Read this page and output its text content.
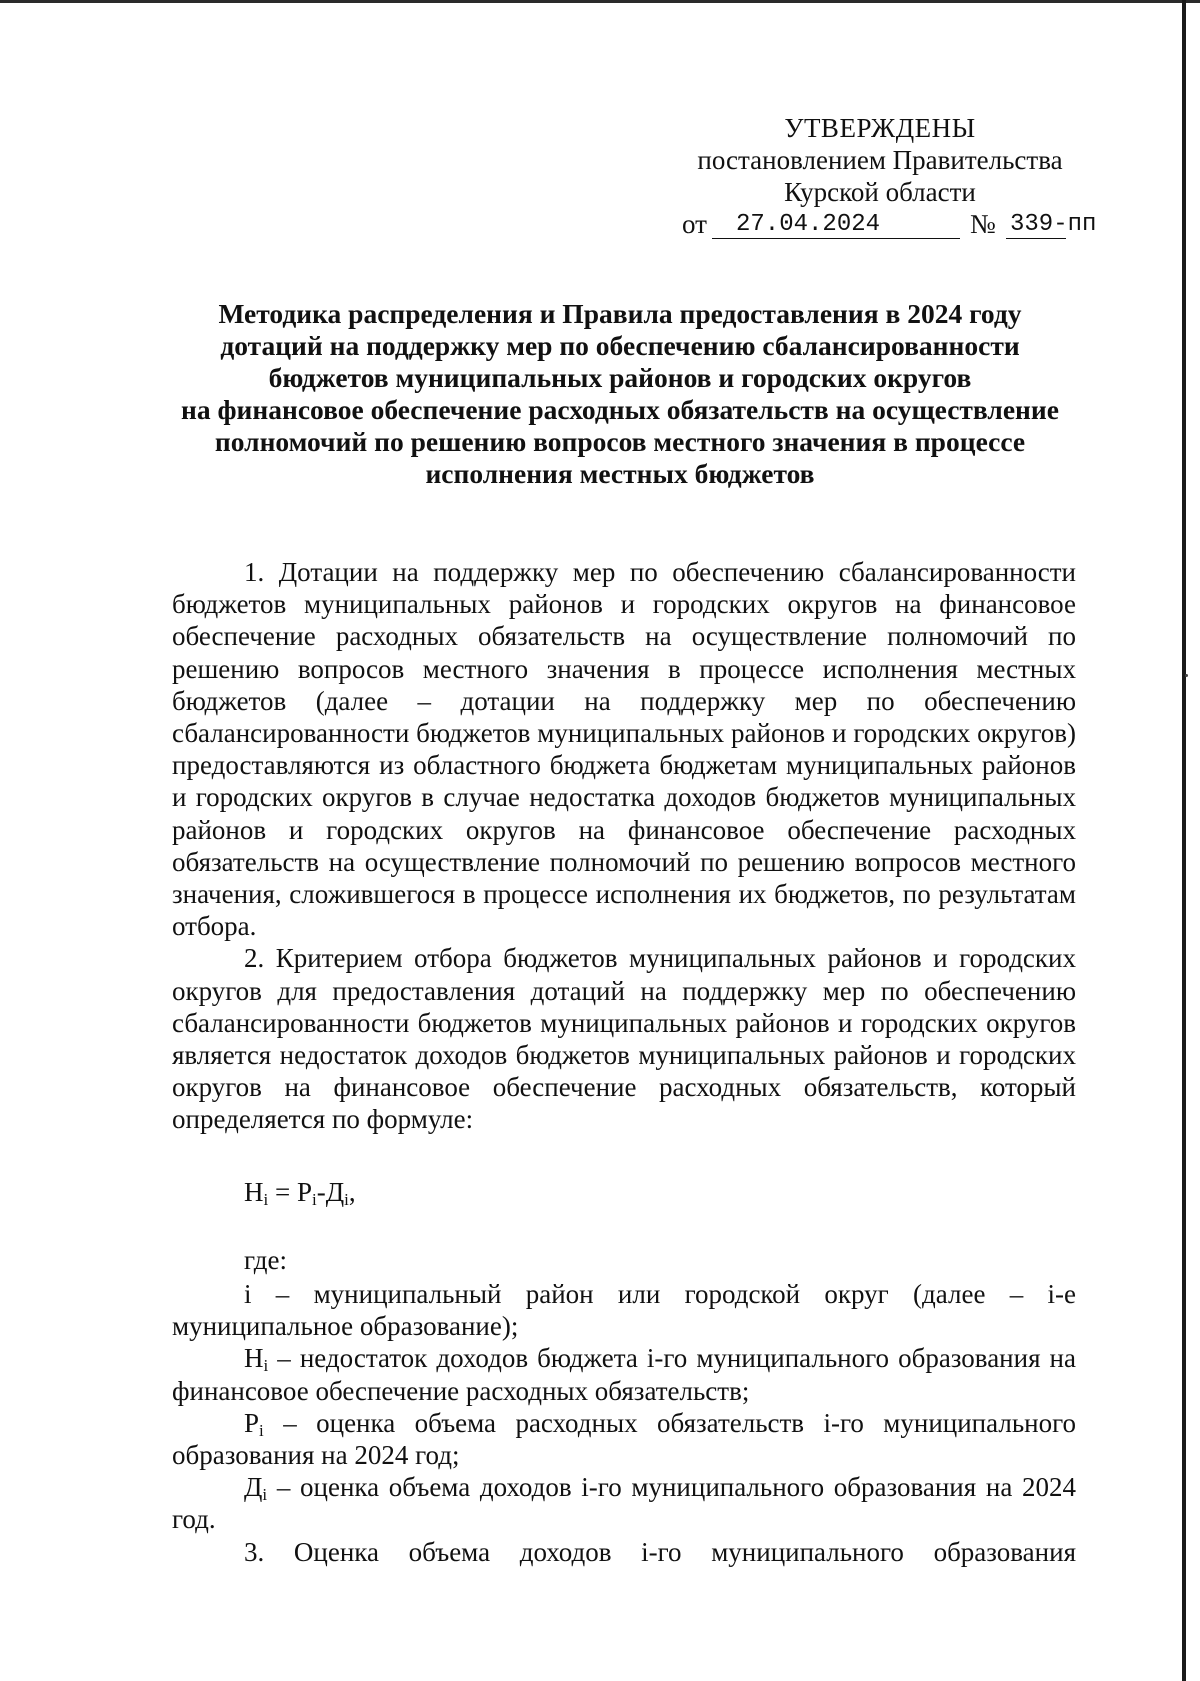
УТВЕРЖДЕНЫ
постановлением Правительства
Курской области
от 27.04.2024	№ 339-пп
Методика распределения и Правила предоставления в 2024 году
дотаций на поддержку мер по обеспечению сбалансированности
бюджетов муниципальных районов и городских округов
на финансовое обеспечение расходных обязательств на осуществление
полномочий по решению вопросов местного значения в процессе
исполнения местных бюджетов

1. Дотации на поддержку мер по обеспечению сбалансированности бюджетов муниципальных районов и городских округов на финансовое обеспечение расходных обязательств на осуществление полномочий по решению вопросов местного значения в процессе исполнения местных бюджетов (далее – дотации на поддержку мер по обеспечению сбалансированности бюджетов муниципальных районов и городских округов) предоставляются из областного бюджета бюджетам муниципальных районов и городских округов в случае недостатка доходов бюджетов муниципальных районов и городских округов на финансовое обеспечение расходных обязательств на осуществление полномочий по решению вопросов местного значения, сложившегося в процессе исполнения их бюджетов, по результатам отбора.

2. Критерием отбора бюджетов муниципальных районов и городских округов для предоставления дотаций на поддержку мер по обеспечению сбалансированности бюджетов муниципальных районов и городских округов является недостаток доходов бюджетов муниципальных районов и городских округов на финансовое обеспечение расходных обязательств, который определяется по формуле:

$Н_i = Р_i-Д_i$,

где:

i – муниципальный район или городской округ (далее – i-е муниципальное образование);

$Н_i$ – недостаток доходов бюджета i-го муниципального образования на финансовое обеспечение расходных обязательств;

$Р_i$ – оценка объема расходных обязательств i-го муниципального образования на 2024 год;

$Д_i$ – оценка объема доходов i-го муниципального образования на 2024 год.

3. Оценка объема доходов i-го муниципального образования
